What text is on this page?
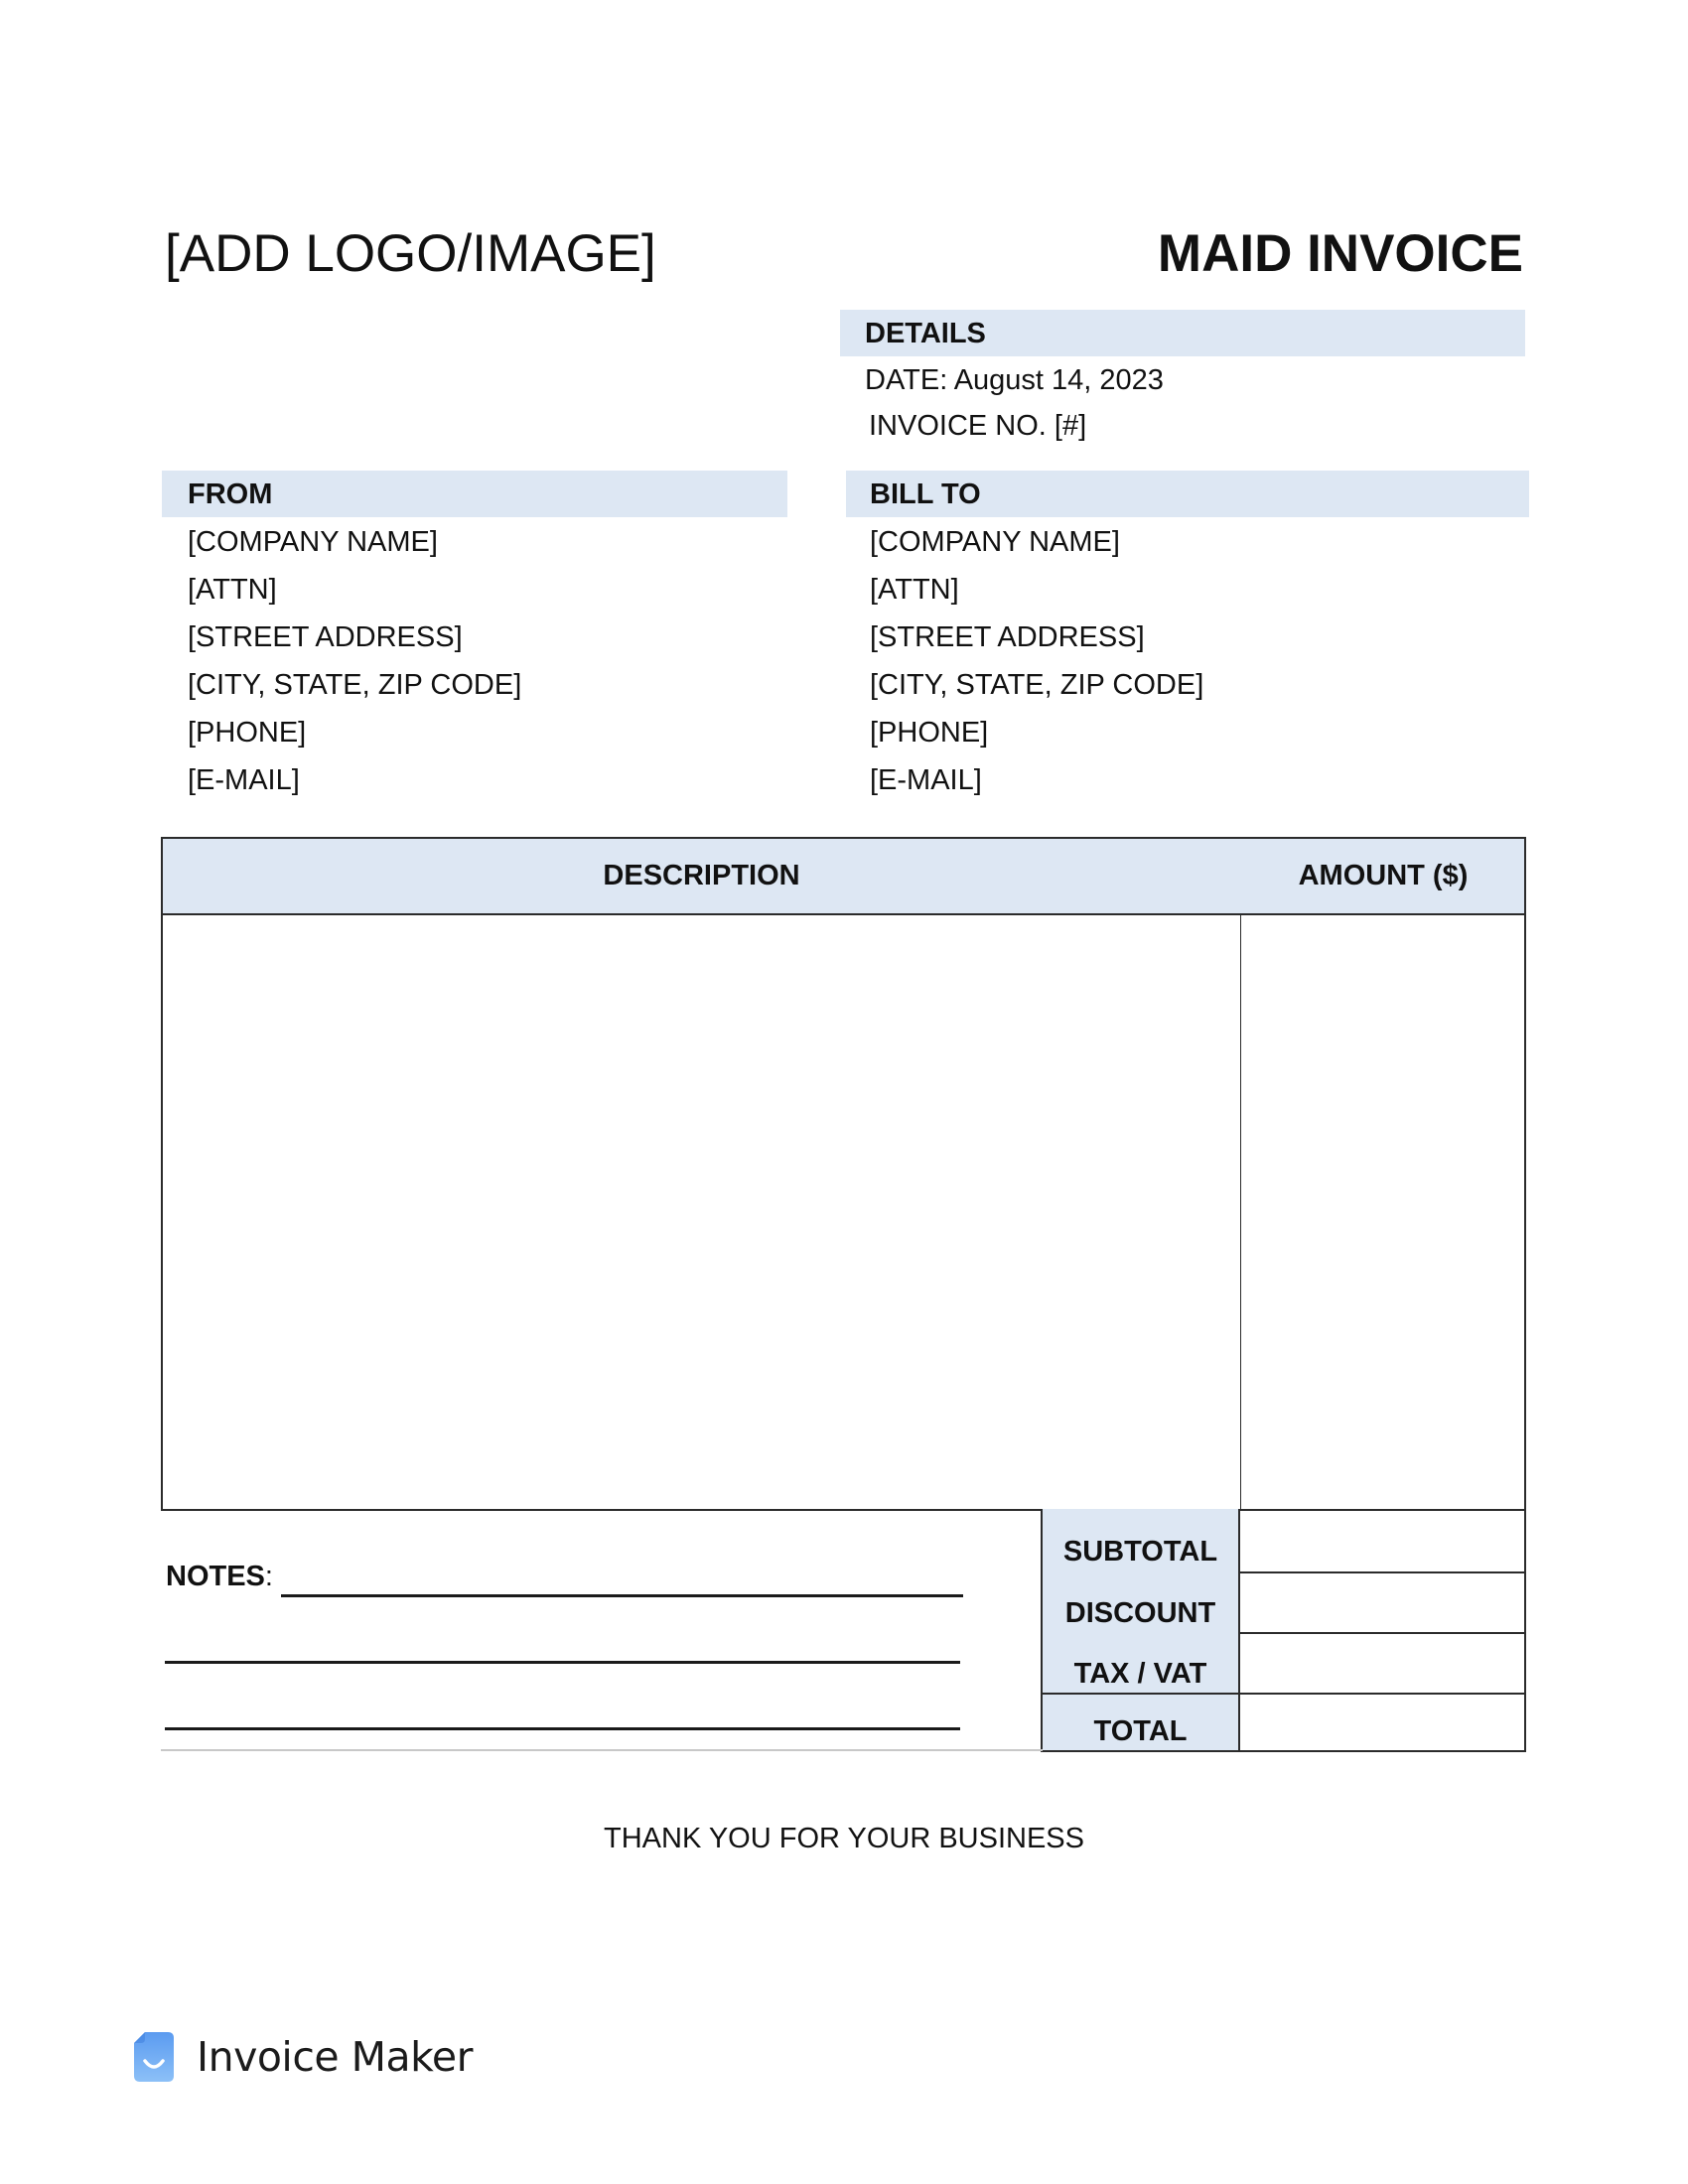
[ADD LOGO/IMAGE]	MAID INVOICE
DETAILS
DATE: August 14, 2023
INVOICE NO. [#]
FROM
[COMPANY NAME]
[ATTN]
[STREET ADDRESS]
[CITY, STATE, ZIP CODE]
[PHONE]
[E-MAIL]
BILL TO
[COMPANY NAME]
[ATTN]
[STREET ADDRESS]
[CITY, STATE, ZIP CODE]
[PHONE]
[E-MAIL]
DESCRIPTION	AMOUNT ($)
SUBTOTAL
DISCOUNT
TAX / VAT
TOTAL
NOTES:
THANK YOU FOR YOUR BUSINESS
Invoice Maker
